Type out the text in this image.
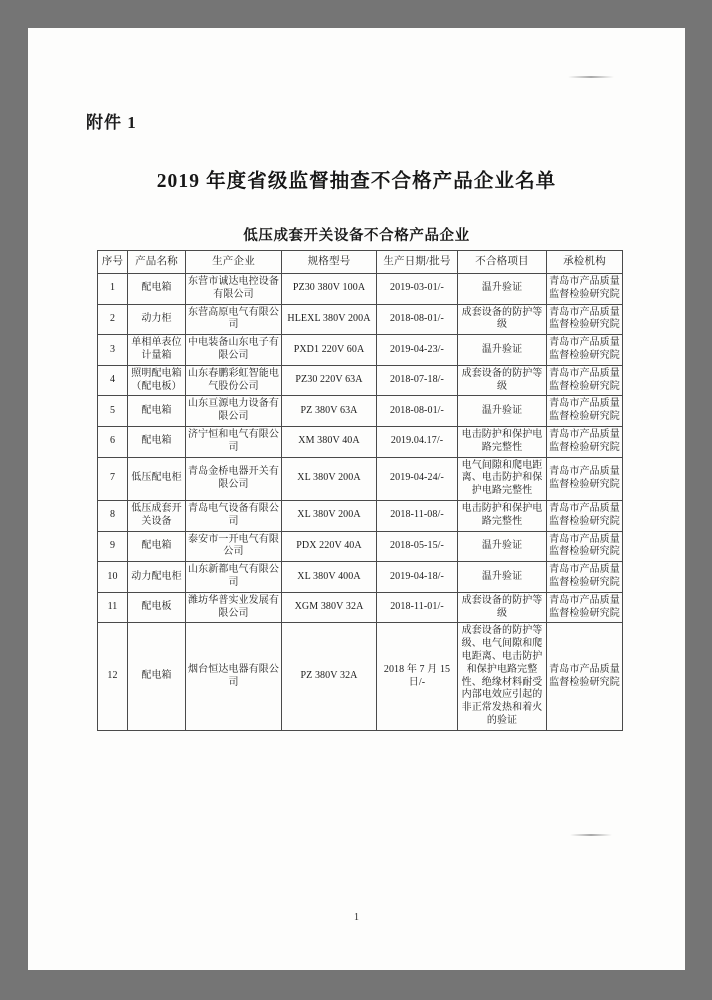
附件 1
2019 年度省级监督抽查不合格产品企业名单
低压成套开关设备不合格产品企业
序号	产品名称	生产企业	规格型号	生产日期/批号	不合格项目	承检机构
1	配电箱	东营市诚达电控设备有限公司	PZ30 380V 100A	2019-03-01/-	温升验证	青岛市产品质量监督检验研究院
2	动力柜	东营高原电气有限公司	HLEXL 380V 200A	2018-08-01/-	成套设备的防护等级	青岛市产品质量监督检验研究院
3	单相单表位计量箱	中电装备山东电子有限公司	PXD1 220V 60A	2019-04-23/-	温升验证	青岛市产品质量监督检验研究院
4	照明配电箱（配电板）	山东春鹏彩虹智能电气股份公司	PZ30 220V 63A	2018-07-18/-	成套设备的防护等级	青岛市产品质量监督检验研究院
5	配电箱	山东亘源电力设备有限公司	PZ 380V 63A	2018-08-01/-	温升验证	青岛市产品质量监督检验研究院
6	配电箱	济宁恒和电气有限公司	XM 380V 40A	2019.04.17/-	电击防护和保护电路完整性	青岛市产品质量监督检验研究院
7	低压配电柜	青岛金桥电器开关有限公司	XL 380V 200A	2019-04-24/-	电气间隙和爬电距离、电击防护和保护电路完整性	青岛市产品质量监督检验研究院
8	低压成套开关设备	青岛电气设备有限公司	XL 380V 200A	2018-11-08/-	电击防护和保护电路完整性	青岛市产品质量监督检验研究院
9	配电箱	泰安市一开电气有限公司	PDX 220V 40A	2018-05-15/-	温升验证	青岛市产品质量监督检验研究院
10	动力配电柜	山东新都电气有限公司	XL 380V 400A	2019-04-18/-	温升验证	青岛市产品质量监督检验研究院
11	配电板	潍坊华普实业发展有限公司	XGM 380V 32A	2018-11-01/-	成套设备的防护等级	青岛市产品质量监督检验研究院
12	配电箱	烟台恒达电器有限公司	PZ 380V 32A	2018 年 7 月 15 日/-	成套设备的防护等级、电气间隙和爬电距离、电击防护和保护电路完整性、绝缘材料耐受内部电效应引起的非正常发热和着火的验证	青岛市产品质量监督检验研究院
1
